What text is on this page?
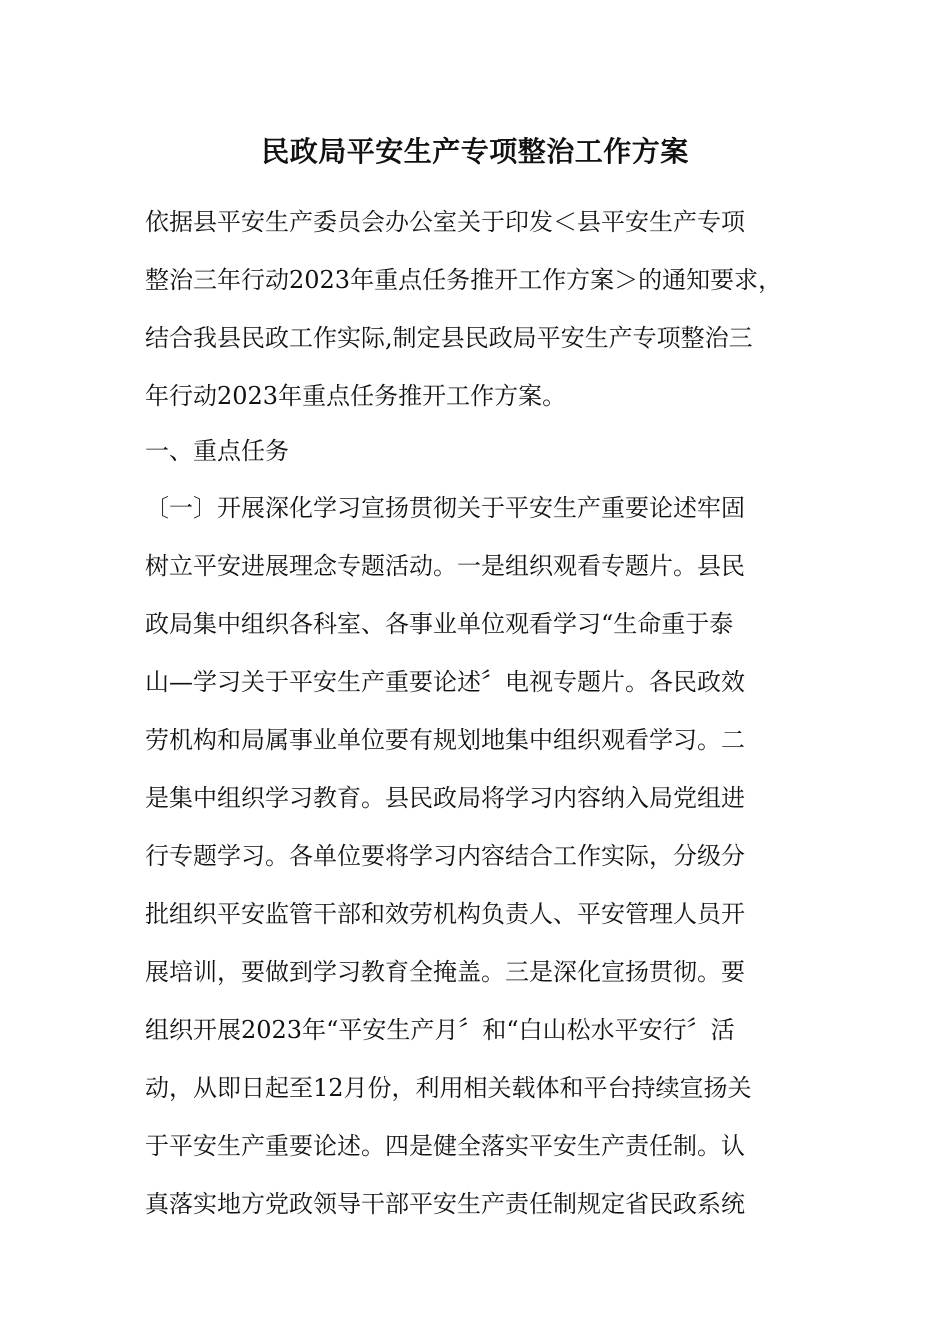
民政局平安生产专项整治工作方案
依据县平安生产委员会办公室关于印发＜县平安生产专项
整治三年行动2023年重点任务推开工作方案＞的通知要求，
结合我县民政工作实际,制定县民政局平安生产专项整治三
年行动2023年重点任务推开工作方案。
一、重点任务
〔一〕开展深化学习宣扬贯彻关于平安生产重要论述牢固
树立平安进展理念专题活动。一是组织观看专题片。县民
政局集中组织各科室、各事业单位观看学习“生命重于泰
山—学习关于平安生产重要论述〞电视专题片。各民政效
劳机构和局属事业单位要有规划地集中组织观看学习。二
是集中组织学习教育。县民政局将学习内容纳入局党组进
行专题学习。各单位要将学习内容结合工作实际，分级分
批组织平安监管干部和效劳机构负责人、平安管理人员开
展培训，要做到学习教育全掩盖。三是深化宣扬贯彻。要
组织开展2023年“平安生产月〞和“白山松水平安行〞活
动，从即日起至12月份，利用相关载体和平台持续宣扬关
于平安生产重要论述。四是健全落实平安生产责任制。认
真落实地方党政领导干部平安生产责任制规定省民政系统
